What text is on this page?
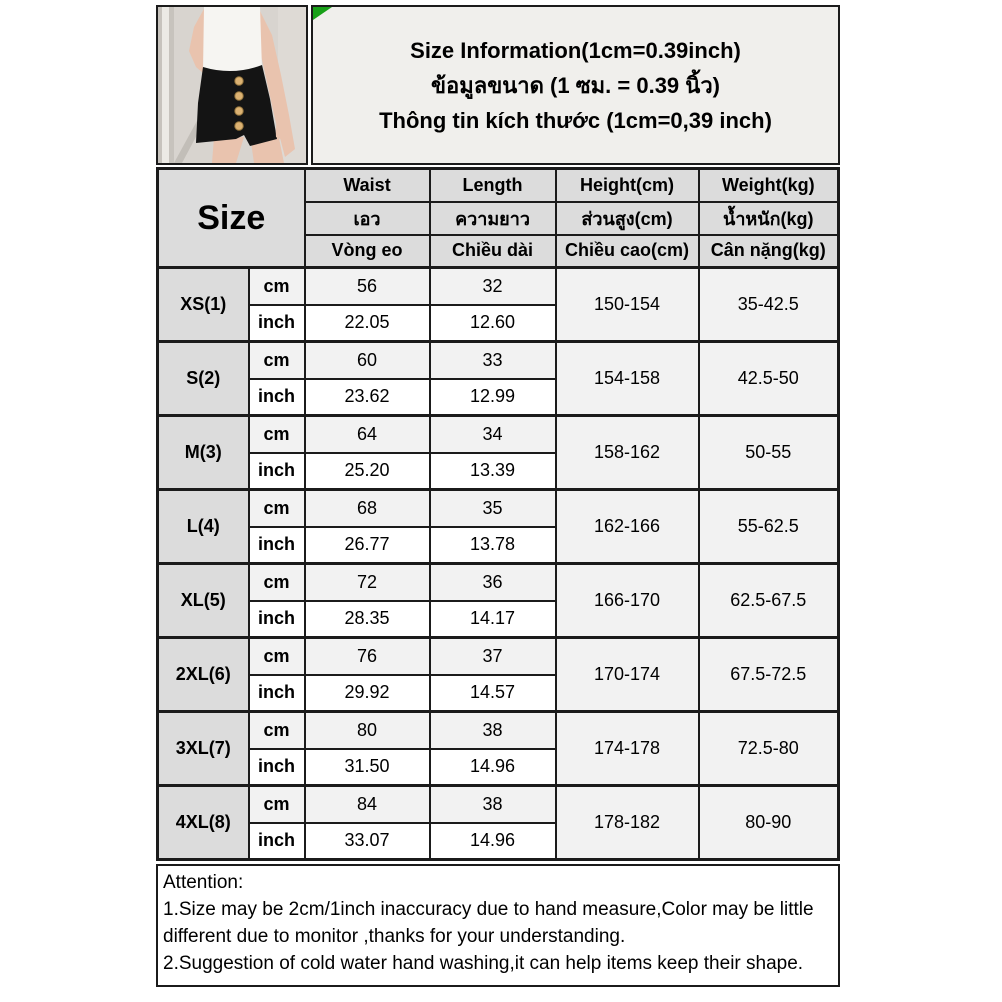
Size Information(1cm=0.39inch)
ข้อมูลขนาด (1 ซม. = 0.39 นิ้ว)
Thông tin kích thước (1cm=0,39 inch)
Size		Waist	Length	Height(cm)	Weight(kg)
		เอว	ความยาว	ส่วนสูง(cm)	น้ำหนัก(kg)
		Vòng eo	Chiều dài	Chiều cao(cm)	Cân nặng(kg)
XS(1)	cm	56	32	150-154	35-42.5
	inch	22.05	12.60		
S(2)	cm	60	33	154-158	42.5-50
	inch	23.62	12.99		
M(3)	cm	64	34	158-162	50-55
	inch	25.20	13.39		
L(4)	cm	68	35	162-166	55-62.5
	inch	26.77	13.78		
XL(5)	cm	72	36	166-170	62.5-67.5
	inch	28.35	14.17		
2XL(6)	cm	76	37	170-174	67.5-72.5
	inch	29.92	14.57		
3XL(7)	cm	80	38	174-178	72.5-80
	inch	31.50	14.96		
4XL(8)	cm	84	38	178-182	80-90
	inch	33.07	14.96		
Attention:
1.Size may be 2cm/1inch inaccuracy due to hand measure,Color may be little different due to monitor ,thanks for your understanding.
2.Suggestion of cold water hand washing,it can help items keep their shape.
